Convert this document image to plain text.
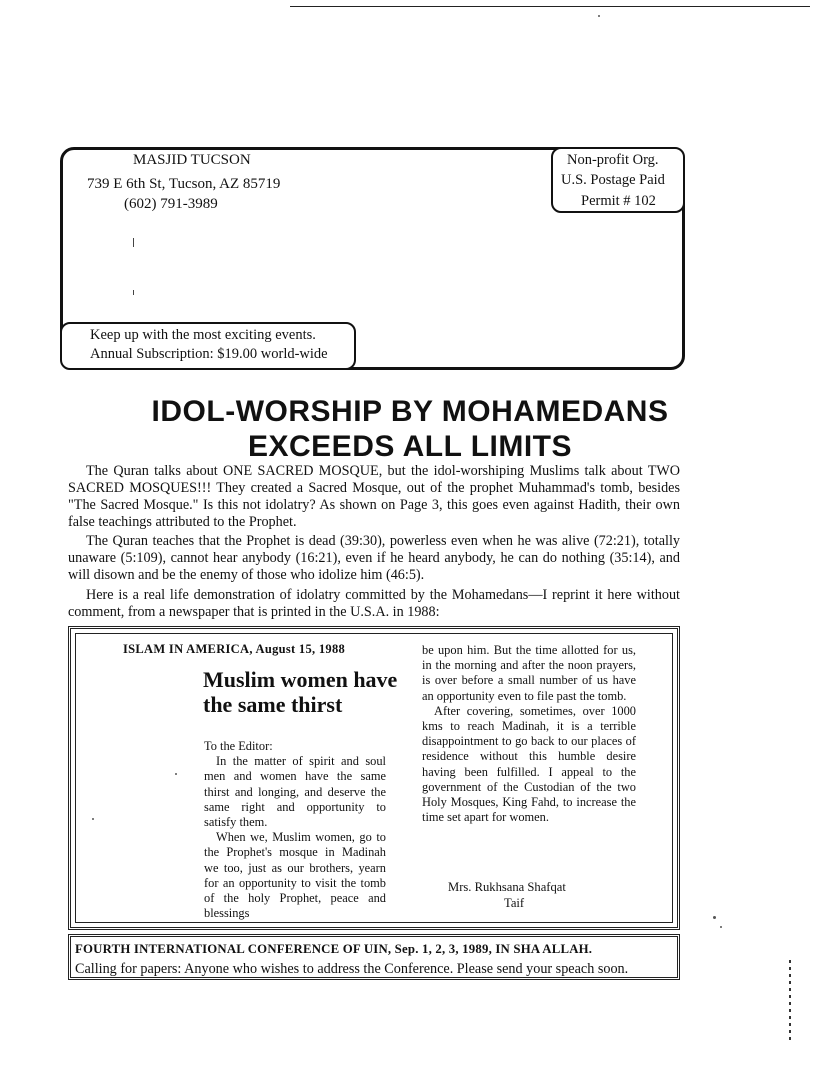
MASJID TUCSON
739 E 6th St, Tucson, AZ 85719
(602) 791-3989
Non-profit Org.
U.S. Postage Paid
Permit # 102
Keep up with the most exciting events.
Annual Subscription: $19.00 world-wide
IDOL-WORSHIP BY MOHAMEDANS
EXCEEDS ALL LIMITS
The Quran talks about ONE SACRED MOSQUE, but the idol-worshiping Muslims talk about TWO SACRED MOSQUES!!! They created a Sacred Mosque, out of the prophet Muhammad's tomb, besides "The Sacred Mosque." Is this not idolatry? As shown on Page 3, this goes even against Hadith, their own false teachings attributed to the Prophet.
The Quran teaches that the Prophet is dead (39:30), powerless even when he was alive (72:21), totally unaware (5:109), cannot hear anybody (16:21), even if he heard anybody, he can do nothing (35:14), and will disown and be the enemy of those who idolize him (46:5).
Here is a real life demonstration of idolatry committed by the Mohamedans—I reprint it here without comment, from a newspaper that is printed in the U.S.A. in 1988:
ISLAM IN AMERICA, August 15, 1988
Muslim women have the same thirst

To the Editor:

In the matter of spirit and soul men and women have the same thirst and longing, and deserve the same right and opportunity to satisfy them.

When we, Muslim women, go to the Prophet's mosque in Madinah we too, just as our brothers, yearn for an opportunity to visit the tomb of the holy Prophet, peace and blessings

be upon him. But the time allotted for us, in the morning and after the noon prayers, is over before a small number of us have an opportunity even to file past the tomb.

After covering, sometimes, over 1000 kms to reach Madinah, it is a terrible disappointment to go back to our places of residence without this humble desire having been fulfilled. I appeal to the government of the Custodian of the two Holy Mosques, King Fahd, to increase the time set apart for women.

Mrs. Rukhsana Shafqat
Taif
FOURTH INTERNATIONAL CONFERENCE OF UIN, Sep. 1, 2, 3, 1989, IN SHA ALLAH.
Calling for papers: Anyone who wishes to address the Conference. Please send your speach soon.
